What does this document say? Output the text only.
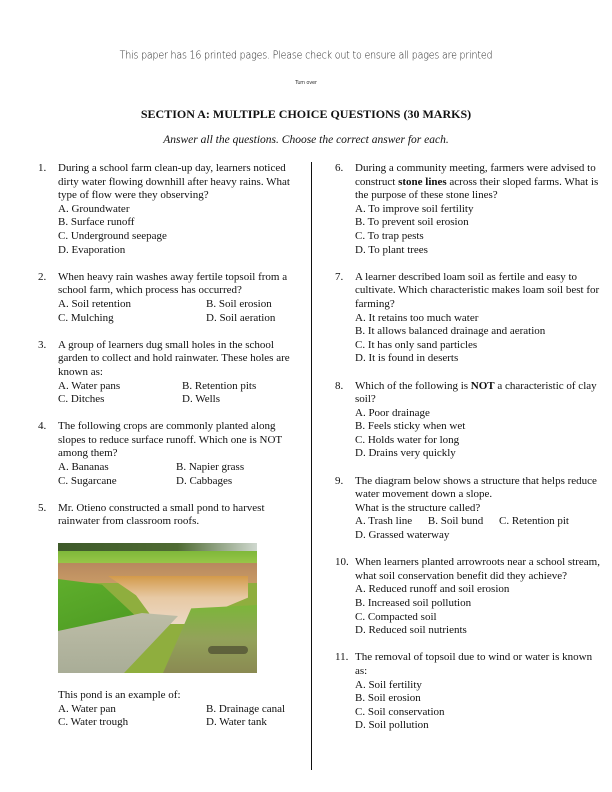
This paper has 16 printed pages. Please check out to ensure all pages are printed
Turn over
SECTION A: MULTIPLE CHOICE QUESTIONS (30 MARKS)
Answer all the questions. Choose the correct answer for each.
1. During a school farm clean-up day, learners noticed dirty water flowing downhill after heavy rains. What type of flow were they observing?
A. Groundwater
B. Surface runoff
C. Underground seepage
D. Evaporation
2. When heavy rain washes away fertile topsoil from a school farm, which process has occurred?
A. Soil retention	B. Soil erosion
C. Mulching	D. Soil aeration
3. A group of learners dug small holes in the school garden to collect and hold rainwater. These holes are known as:
A. Water pans	B. Retention pits
C. Ditches	D. Wells
4. The following crops are commonly planted along slopes to reduce surface runoff. Which one is NOT among them?
A. Bananas	B. Napier grass
C. Sugarcane	D. Cabbages
5. Mr. Otieno constructed a small pond to harvest rainwater from classroom roofs.
This pond is an example of:
A. Water pan	B. Drainage canal
C. Water trough	D. Water tank
6. During a community meeting, farmers were advised to construct stone lines across their sloped farms. What is the purpose of these stone lines?
A. To improve soil fertility
B. To prevent soil erosion
C. To trap pests
D. To plant trees
7. A learner described loam soil as fertile and easy to cultivate. Which characteristic makes loam soil best for farming?
A. It retains too much water
B. It allows balanced drainage and aeration
C. It has only sand particles
D. It is found in deserts
8. Which of the following is NOT a characteristic of clay soil?
A. Poor drainage
B. Feels sticky when wet
C. Holds water for long
D. Drains very quickly
9. The diagram below shows a structure that helps reduce water movement down a slope.
What is the structure called?
A. Trash line B. Soil bund C. Retention pit
D. Grassed waterway
10. When learners planted arrowroots near a school stream, what soil conservation benefit did they achieve?
A. Reduced runoff and soil erosion
B. Increased soil pollution
C. Compacted soil
D. Reduced soil nutrients
11. The removal of topsoil due to wind or water is known as:
A. Soil fertility
B. Soil erosion
C. Soil conservation
D. Soil pollution
